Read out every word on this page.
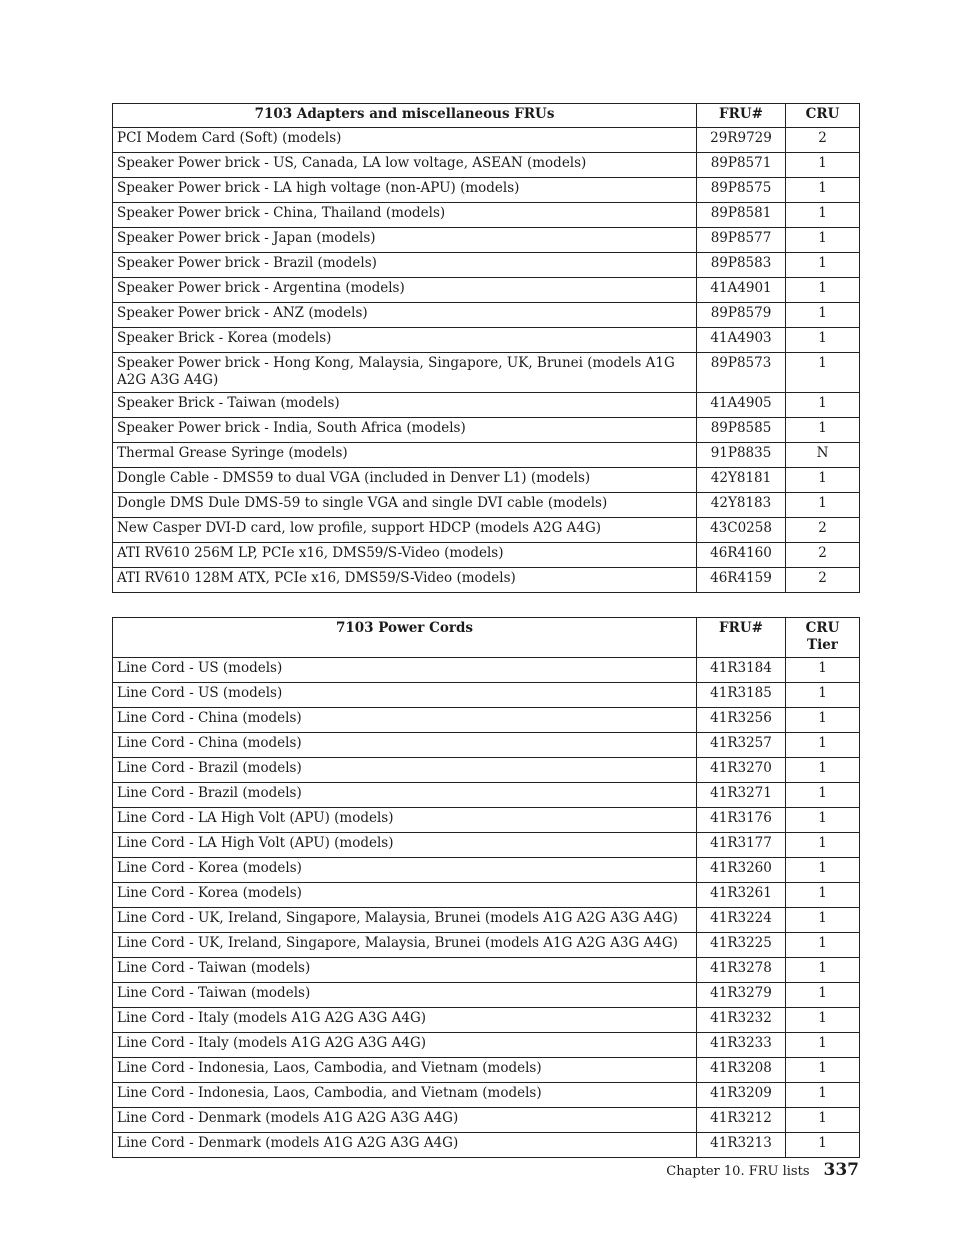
7103 Adapters and miscellaneous FRUs	FRU#	CRU
PCI Modem Card (Soft) (models)	29R9729	2
Speaker Power brick - US, Canada, LA low voltage, ASEAN (models)	89P8571	1
Speaker Power brick - LA high voltage (non-APU) (models)	89P8575	1
Speaker Power brick - China, Thailand (models)	89P8581	1
Speaker Power brick - Japan (models)	89P8577	1
Speaker Power brick - Brazil (models)	89P8583	1
Speaker Power brick - Argentina (models)	41A4901	1
Speaker Power brick - ANZ (models)	89P8579	1
Speaker Brick - Korea (models)	41A4903	1
Speaker Power brick - Hong Kong, Malaysia, Singapore, UK, Brunei (models A1G A2G A3G A4G)	89P8573	1
Speaker Brick - Taiwan (models)	41A4905	1
Speaker Power brick - India, South Africa (models)	89P8585	1
Thermal Grease Syringe (models)	91P8835	N
Dongle Cable - DMS59 to dual VGA (included in Denver L1) (models)	42Y8181	1
Dongle DMS Dule DMS-59 to single VGA and single DVI cable (models)	42Y8183	1
New Casper DVI-D card, low profile, support HDCP (models A2G A4G)	43C0258	2
ATI RV610 256M LP, PCIe x16, DMS59/S-Video (models)	46R4160	2
ATI RV610 128M ATX, PCIe x16, DMS59/S-Video (models)	46R4159	2
7103 Power Cords	FRU#	CRU Tier
Line Cord - US (models)	41R3184	1
Line Cord - US (models)	41R3185	1
Line Cord - China (models)	41R3256	1
Line Cord - China (models)	41R3257	1
Line Cord - Brazil (models)	41R3270	1
Line Cord - Brazil (models)	41R3271	1
Line Cord - LA High Volt (APU) (models)	41R3176	1
Line Cord - LA High Volt (APU) (models)	41R3177	1
Line Cord - Korea (models)	41R3260	1
Line Cord - Korea (models)	41R3261	1
Line Cord - UK, Ireland, Singapore, Malaysia, Brunei (models A1G A2G A3G A4G)	41R3224	1
Line Cord - UK, Ireland, Singapore, Malaysia, Brunei (models A1G A2G A3G A4G)	41R3225	1
Line Cord - Taiwan (models)	41R3278	1
Line Cord - Taiwan (models)	41R3279	1
Line Cord - Italy (models A1G A2G A3G A4G)	41R3232	1
Line Cord - Italy (models A1G A2G A3G A4G)	41R3233	1
Line Cord - Indonesia, Laos, Cambodia, and Vietnam (models)	41R3208	1
Line Cord - Indonesia, Laos, Cambodia, and Vietnam (models)	41R3209	1
Line Cord - Denmark (models A1G A2G A3G A4G)	41R3212	1
Line Cord - Denmark (models A1G A2G A3G A4G)	41R3213	1
Chapter 10. FRU lists 337
